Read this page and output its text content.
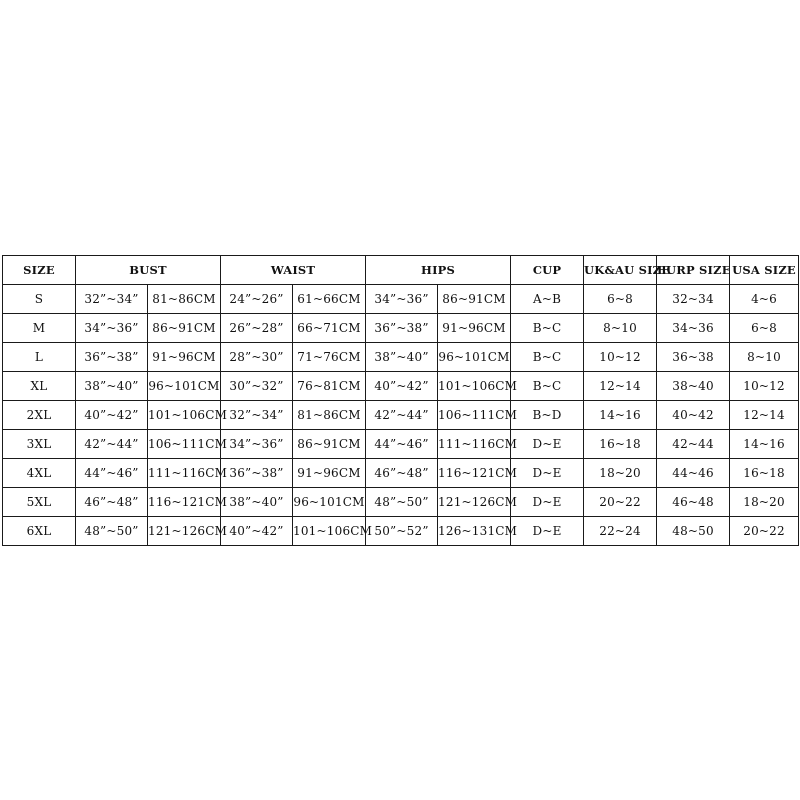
SIZE	BUST		WAIST		HIPS		CUP	UK&AU SIZE	EURP SIZE	USA SIZE
S	32”~34”	81~86CM	24”~26”	61~66CM	34”~36”	86~91CM	A~B	6~8	32~34	4~6
M	34”~36”	86~91CM	26”~28”	66~71CM	36”~38”	91~96CM	B~C	8~10	34~36	6~8
L	36”~38”	91~96CM	28”~30”	71~76CM	38”~40”	96~101CM	B~C	10~12	36~38	8~10
XL	38”~40”	96~101CM	30”~32”	76~81CM	40”~42”	101~106CM	B~C	12~14	38~40	10~12
2XL	40”~42”	101~106CM	32”~34”	81~86CM	42”~44”	106~111CM	B~D	14~16	40~42	12~14
3XL	42”~44”	106~111CM	34”~36”	86~91CM	44”~46”	111~116CM	D~E	16~18	42~44	14~16
4XL	44”~46”	111~116CM	36”~38”	91~96CM	46”~48”	116~121CM	D~E	18~20	44~46	16~18
5XL	46”~48”	116~121CM	38”~40”	96~101CM	48”~50”	121~126CM	D~E	20~22	46~48	18~20
6XL	48”~50”	121~126CM	40”~42”	101~106CM	50”~52”	126~131CM	D~E	22~24	48~50	20~22
